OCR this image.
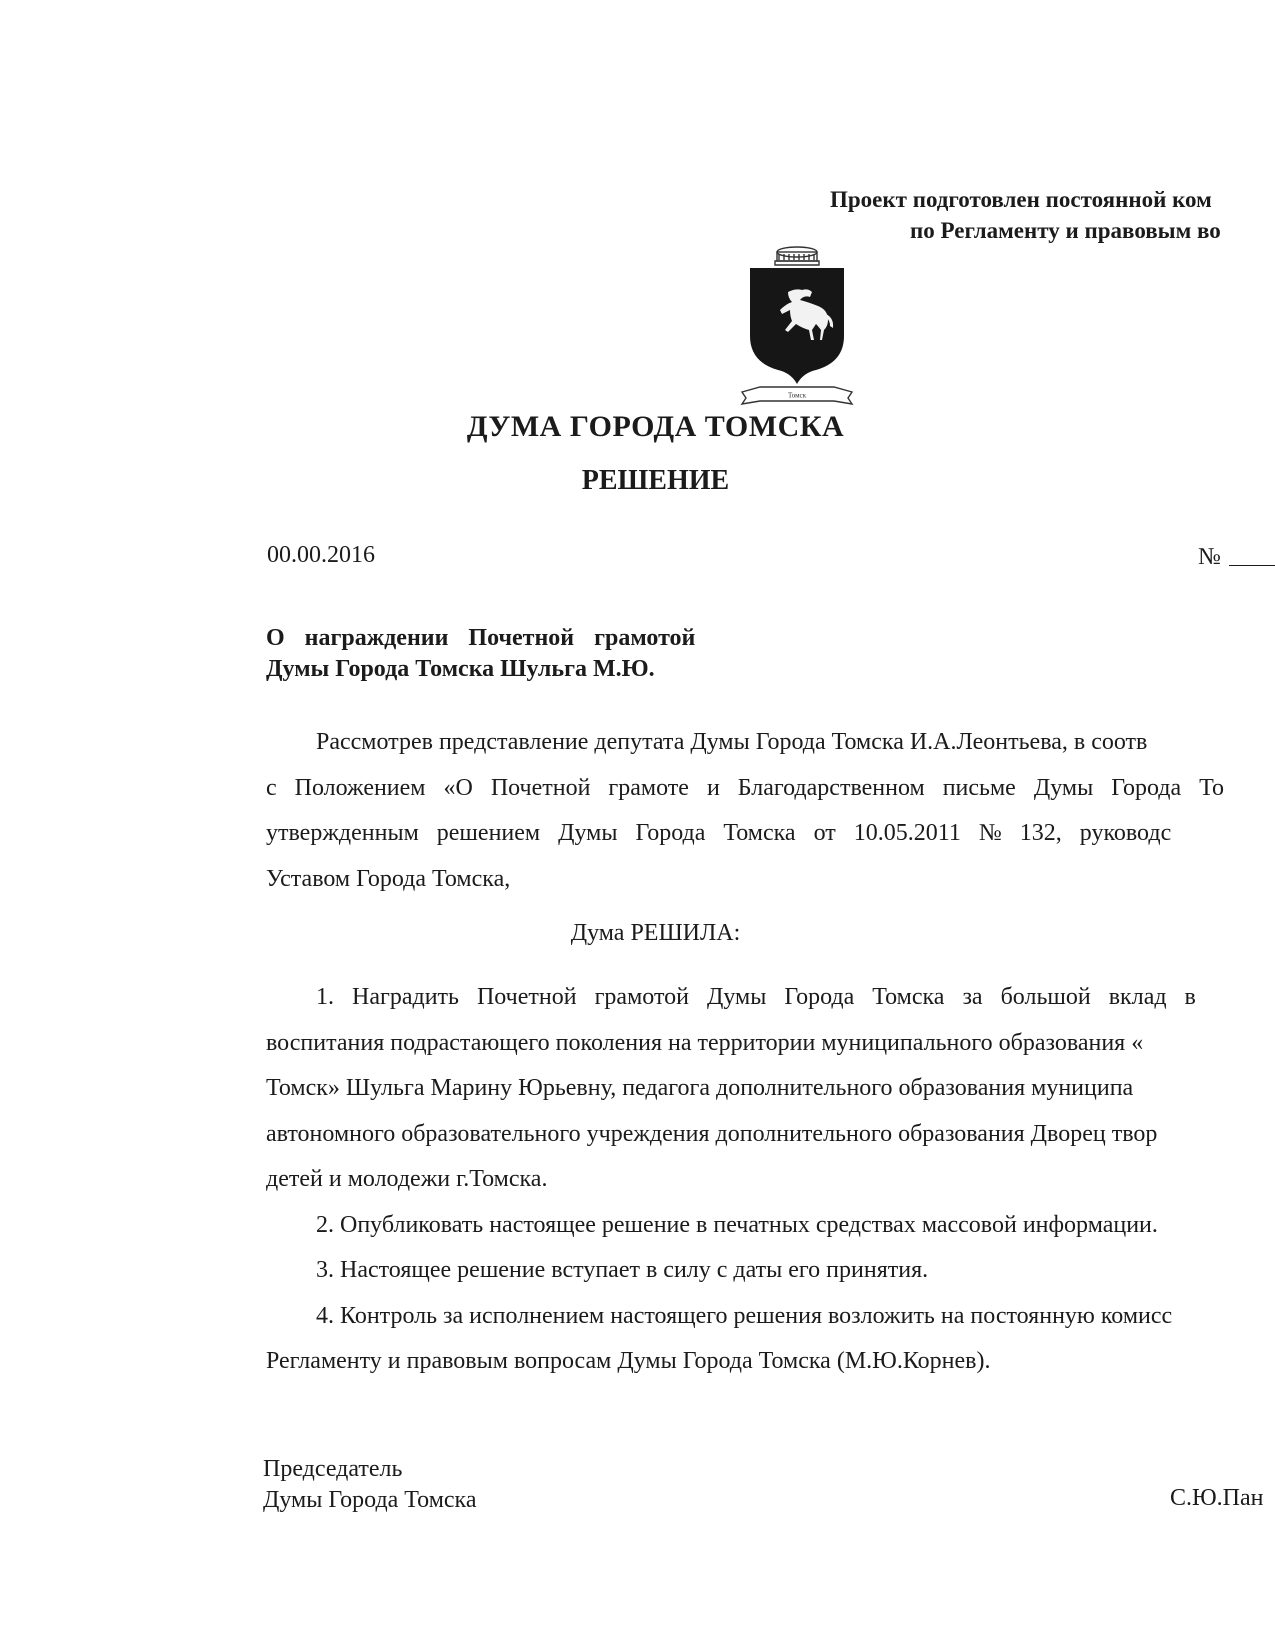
Проект подготовлен постоянной ком
по Регламенту и правовым во
Томск
ДУМА ГОРОДА ТОМСКА
РЕШЕНИЕ
00.00.2016	№
О награждении Почетной грамотой
Думы Города Томска Шульга М.Ю.

Рассмотрев представление депутата Думы Города Томска И.А.Леонтьева, в соотв

с Положением «О Почетной грамоте и Благодарственном письме Думы Города То

утвержденным решением Думы Города Томска от 10.05.2011 № 132, руководс

Уставом Города Томска,

Дума РЕШИЛА:

1. Наградить Почетной грамотой Думы Города Томска за большой вклад в

воспитания подрастающего поколения на территории муниципального образования «

Томск» Шульга Марину Юрьевну, педагога дополнительного образования муниципа

автономного образовательного учреждения дополнительного образования Дворец твор

детей и молодежи г.Томска.

2. Опубликовать настоящее решение в печатных средствах массовой информации.

3. Настоящее решение вступает в силу с даты его принятия.

4. Контроль за исполнением настоящего решения возложить на постоянную комисс

Регламенту и правовым вопросам Думы Города Томска (М.Ю.Корнев).

Председатель
Думы Города Томска	С.Ю.Пан
